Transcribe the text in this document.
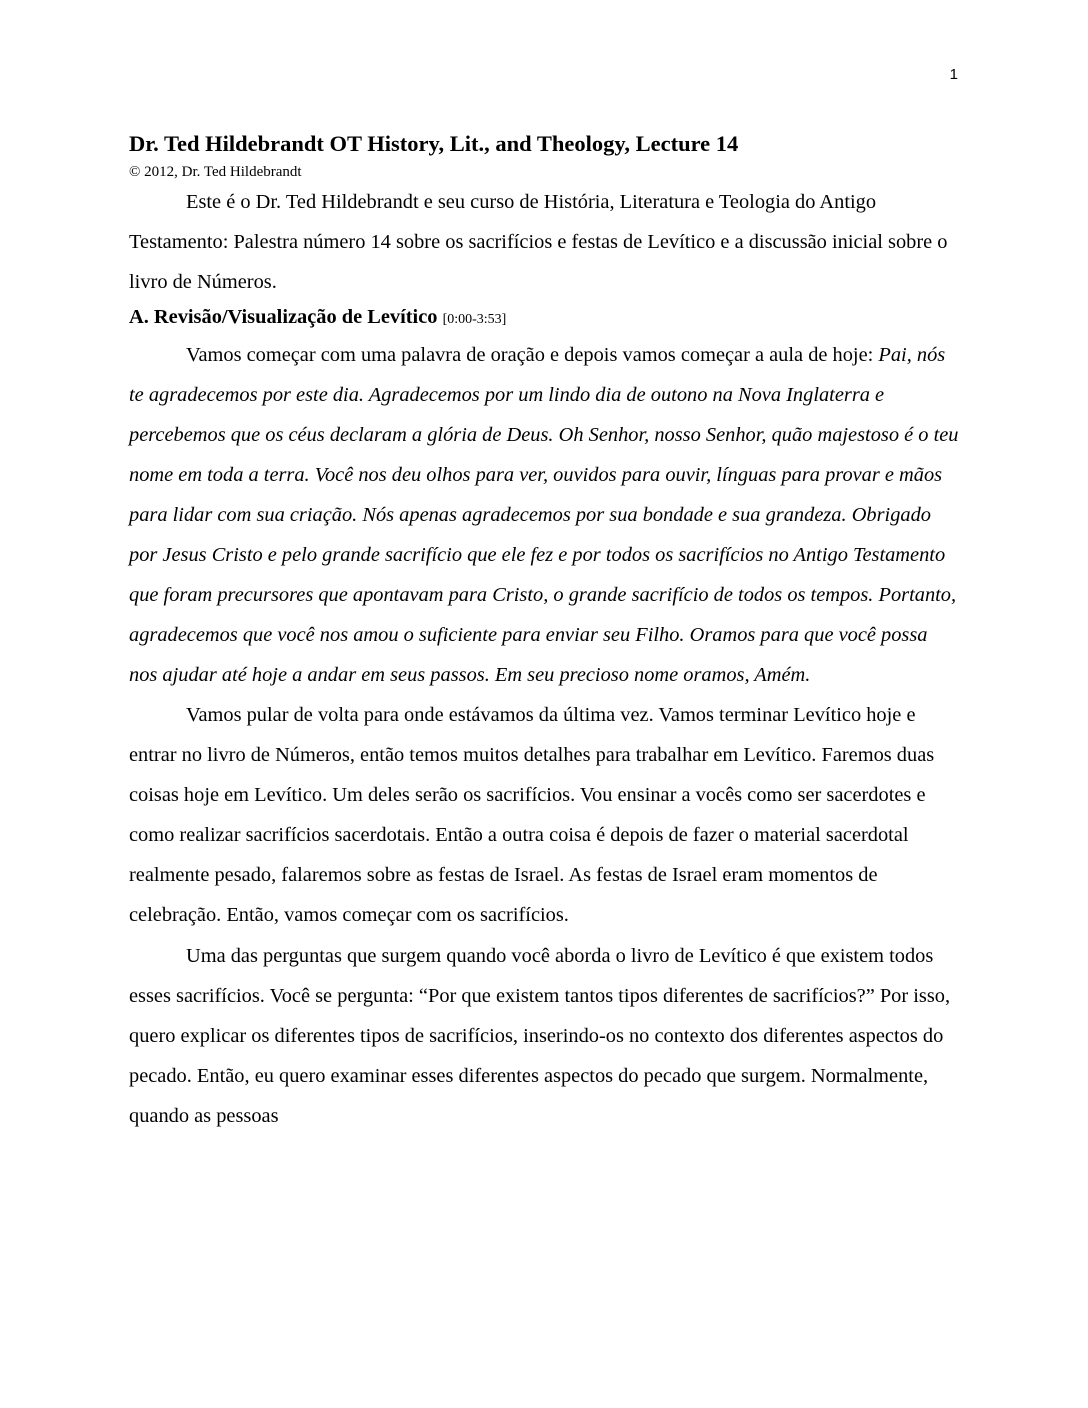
1
Dr. Ted Hildebrandt OT History, Lit., and Theology, Lecture 14

© 2012, Dr. Ted Hildebrandt

Este é o Dr. Ted Hildebrandt e seu curso de História, Literatura e Teologia do Antigo Testamento: Palestra número 14 sobre os sacrifícios e festas de Levítico e a discussão inicial sobre o livro de Números.

A. Revisão/Visualização de Levítico [0:00-3:53]

Vamos começar com uma palavra de oração e depois vamos começar a aula de hoje: Pai, nós te agradecemos por este dia. Agradecemos por um lindo dia de outono na Nova Inglaterra e percebemos que os céus declaram a glória de Deus. Oh Senhor, nosso Senhor, quão majestoso é o teu nome em toda a terra. Você nos deu olhos para ver, ouvidos para ouvir, línguas para provar e mãos para lidar com sua criação. Nós apenas agradecemos por sua bondade e sua grandeza. Obrigado por Jesus Cristo e pelo grande sacrifício que ele fez e por todos os sacrifícios no Antigo Testamento que foram precursores que apontavam para Cristo, o grande sacrifício de todos os tempos. Portanto, agradecemos que você nos amou o suficiente para enviar seu Filho. Oramos para que você possa nos ajudar até hoje a andar em seus passos. Em seu precioso nome oramos, Amém.

Vamos pular de volta para onde estávamos da última vez. Vamos terminar Levítico hoje e entrar no livro de Números, então temos muitos detalhes para trabalhar em Levítico. Faremos duas coisas hoje em Levítico. Um deles serão os sacrifícios. Vou ensinar a vocês como ser sacerdotes e como realizar sacrifícios sacerdotais. Então a outra coisa é depois de fazer o material sacerdotal realmente pesado, falaremos sobre as festas de Israel. As festas de Israel eram momentos de celebração. Então, vamos começar com os sacrifícios.

Uma das perguntas que surgem quando você aborda o livro de Levítico é que existem todos esses sacrifícios. Você se pergunta: “Por que existem tantos tipos diferentes de sacrifícios?” Por isso, quero explicar os diferentes tipos de sacrifícios, inserindo-os no contexto dos diferentes aspectos do pecado. Então, eu quero examinar esses diferentes aspectos do pecado que surgem. Normalmente, quando as pessoas
